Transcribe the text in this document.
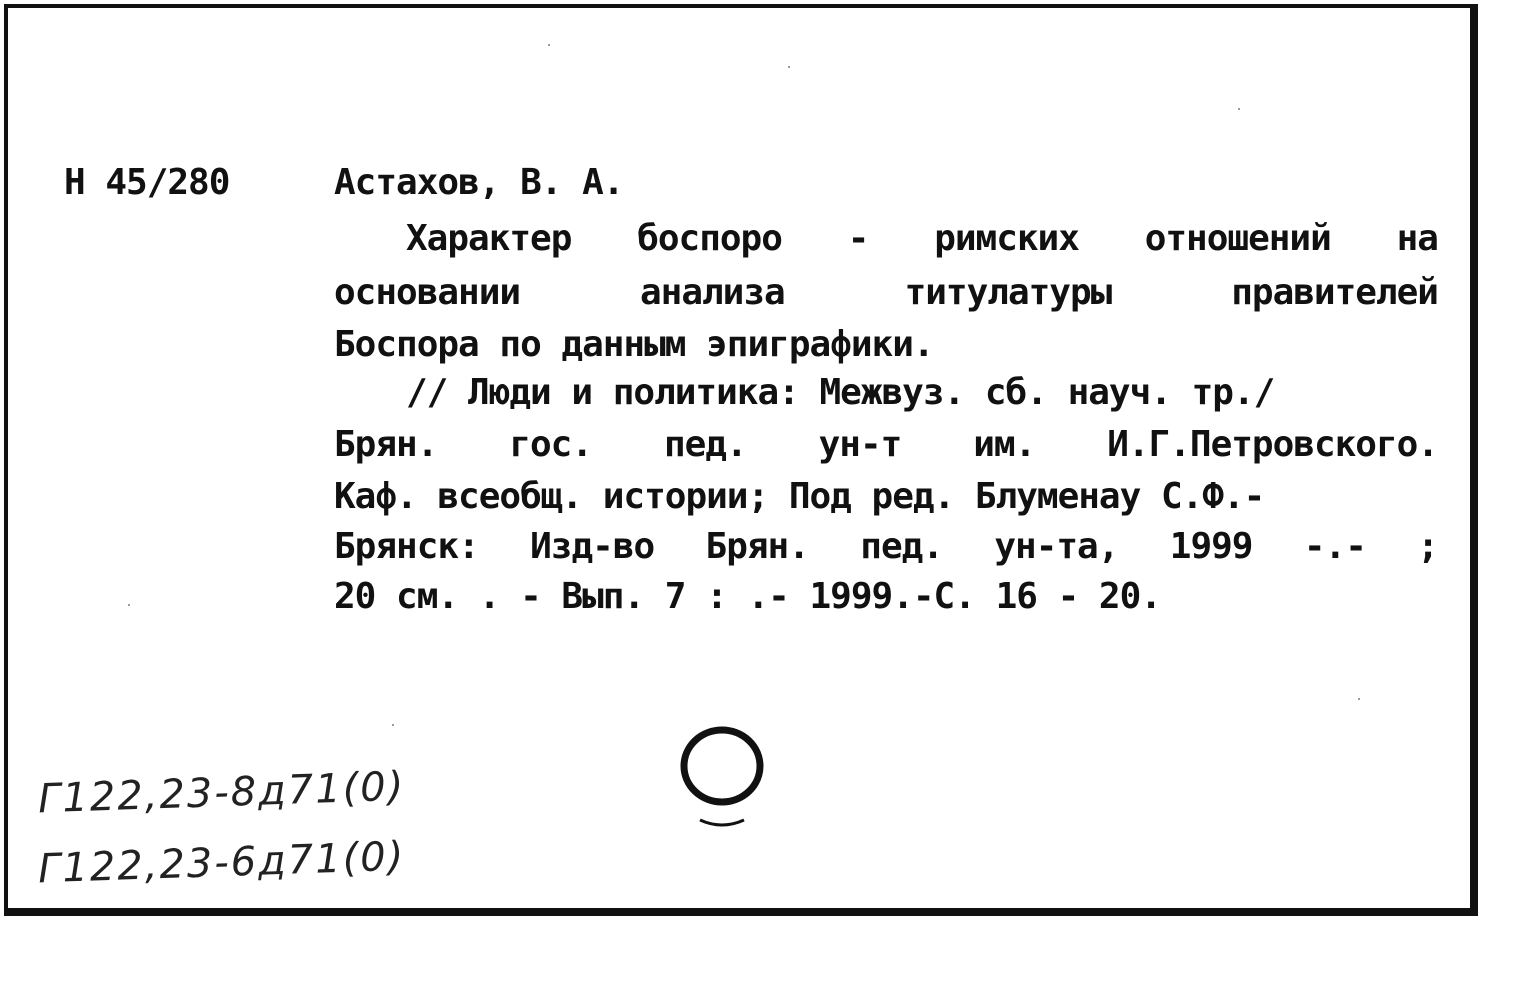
Н 45/280	Астахов, В. А.
Характер боспоро - римских отношений на
основании	анализа	титулатуры	правителей
Боспора по данным эпиграфики.
// Люди и политика: Межвуз. сб. науч. тр./
Брян. гос. пед. ун-т им. И.Г.Петровского.
Каф. всеобщ. истории; Под ред. Блуменау С.Ф.-
Брянск: Изд-во Брян. пед. ун-та, 1999 -.- ;
20 см. . - Вып. 7 : .- 1999.-С. 16 - 20.
Г122,23-8д71(0)
Г122,23-6д71(0)
